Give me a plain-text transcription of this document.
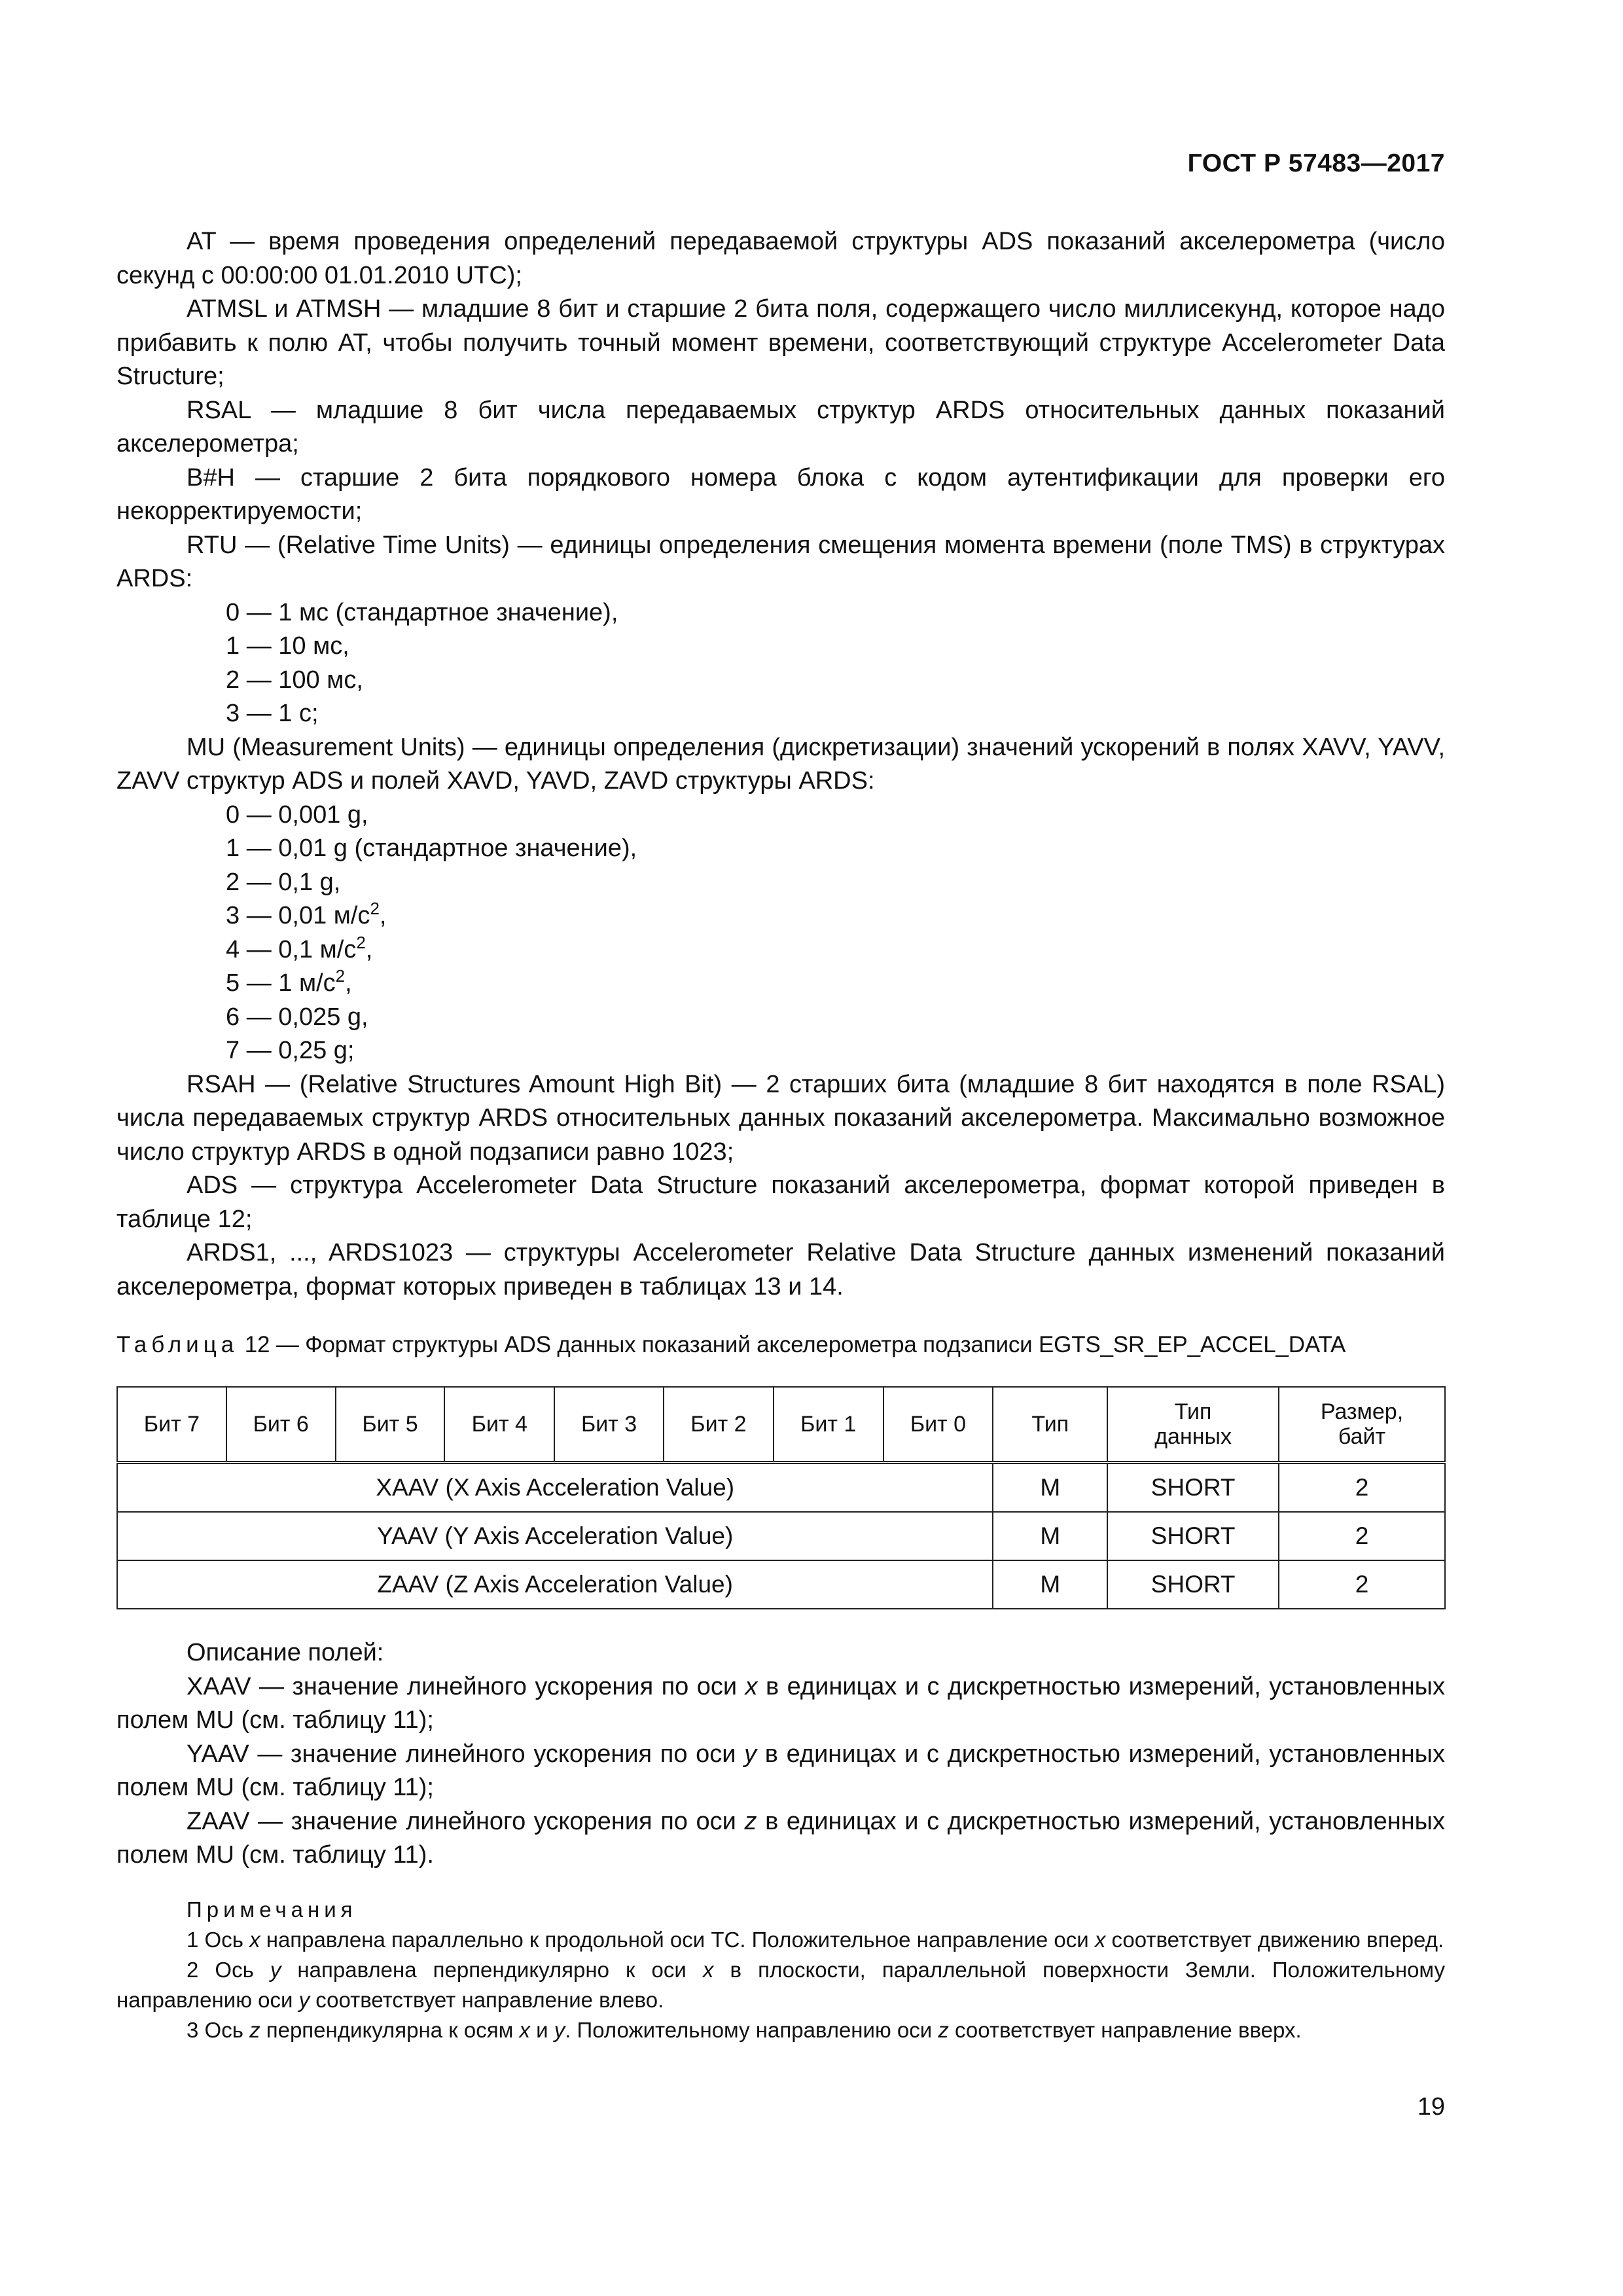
ГОСТ Р 57483—2017

AT — время проведения определений передаваемой структуры ADS показаний акселерометра (число секунд с 00:00:00 01.01.2010 UTC);

ATMSL и ATMSH — младшие 8 бит и старшие 2 бита поля, содержащего число миллисекунд, которое надо прибавить к полю AT, чтобы получить точный момент времени, соответствующий структуре Accelerometer Data Structure;

RSAL — младшие 8 бит числа передаваемых структур ARDS относительных данных показаний акселерометра;

B#H — старшие 2 бита порядкового номера блока с кодом аутентификации для проверки его некорректируемости;

RTU — (Relative Time Units) — единицы определения смещения момента времени (поле TMS) в структурах ARDS:

0 — 1 мс (стандартное значение),
1 — 10 мс,
2 — 100 мс,
3 — 1 с;

MU (Measurement Units) — единицы определения (дискретизации) значений ускорений в полях XAVV, YAVV, ZAVV структур ADS и полей XAVD, YAVD, ZAVD структуры ARDS:

0 — 0,001 g,
1 — 0,01 g (стандартное значение),
2 — 0,1 g,
3 — 0,01 $м/с^2$,
4 — 0,1 $м/с^2$,
5 — 1 $м/с^2$,
6 — 0,025 g,
7 — 0,25 g;

RSAH — (Relative Structures Amount High Bit) — 2 старших бита (младшие 8 бит находятся в поле RSAL) числа передаваемых структур ARDS относительных данных показаний акселерометра. Максимально возможное число структур ARDS в одной подзаписи равно 1023;

ADS — структура Accelerometer Data Structure показаний акселерометра, формат которой приведен в таблице 12;

ARDS1, ..., ARDS1023 — структуры Accelerometer Relative Data Structure данных изменений показаний акселерометра, формат которых приведен в таблицах 13 и 14.

Таблица 12 — Формат структуры ADS данных показаний акселерометра подзаписи EGTS_SR_EP_ACCEL_DATA
Бит 7	Бит 6	Бит 5	Бит 4	Бит 3	Бит 2	Бит 1	Бит 0	Тип	Тип данных	Размер, байт
XAAV (X Axis Acceleration Value)								M	SHORT	2
YAAV (Y Axis Acceleration Value)								M	SHORT	2
ZAAV (Z Axis Acceleration Value)								M	SHORT	2

Описание полей:

XAAV — значение линейного ускорения по оси x в единицах и с дискретностью измерений, установленных полем MU (см. таблицу 11);

YAAV — значение линейного ускорения по оси y в единицах и с дискретностью измерений, установленных полем MU (см. таблицу 11);

ZAAV — значение линейного ускорения по оси z в единицах и с дискретностью измерений, установленных полем MU (см. таблицу 11).

Примечания

1 Ось x направлена параллельно к продольной оси ТС. Положительное направление оси x соответствует движению вперед.

2 Ось y направлена перпендикулярно к оси x в плоскости, параллельной поверхности Земли. Положительному направлению оси y соответствует направление влево.

3 Ось z перпендикулярна к осям x и y. Положительному направлению оси z соответствует направление вверх.

19
